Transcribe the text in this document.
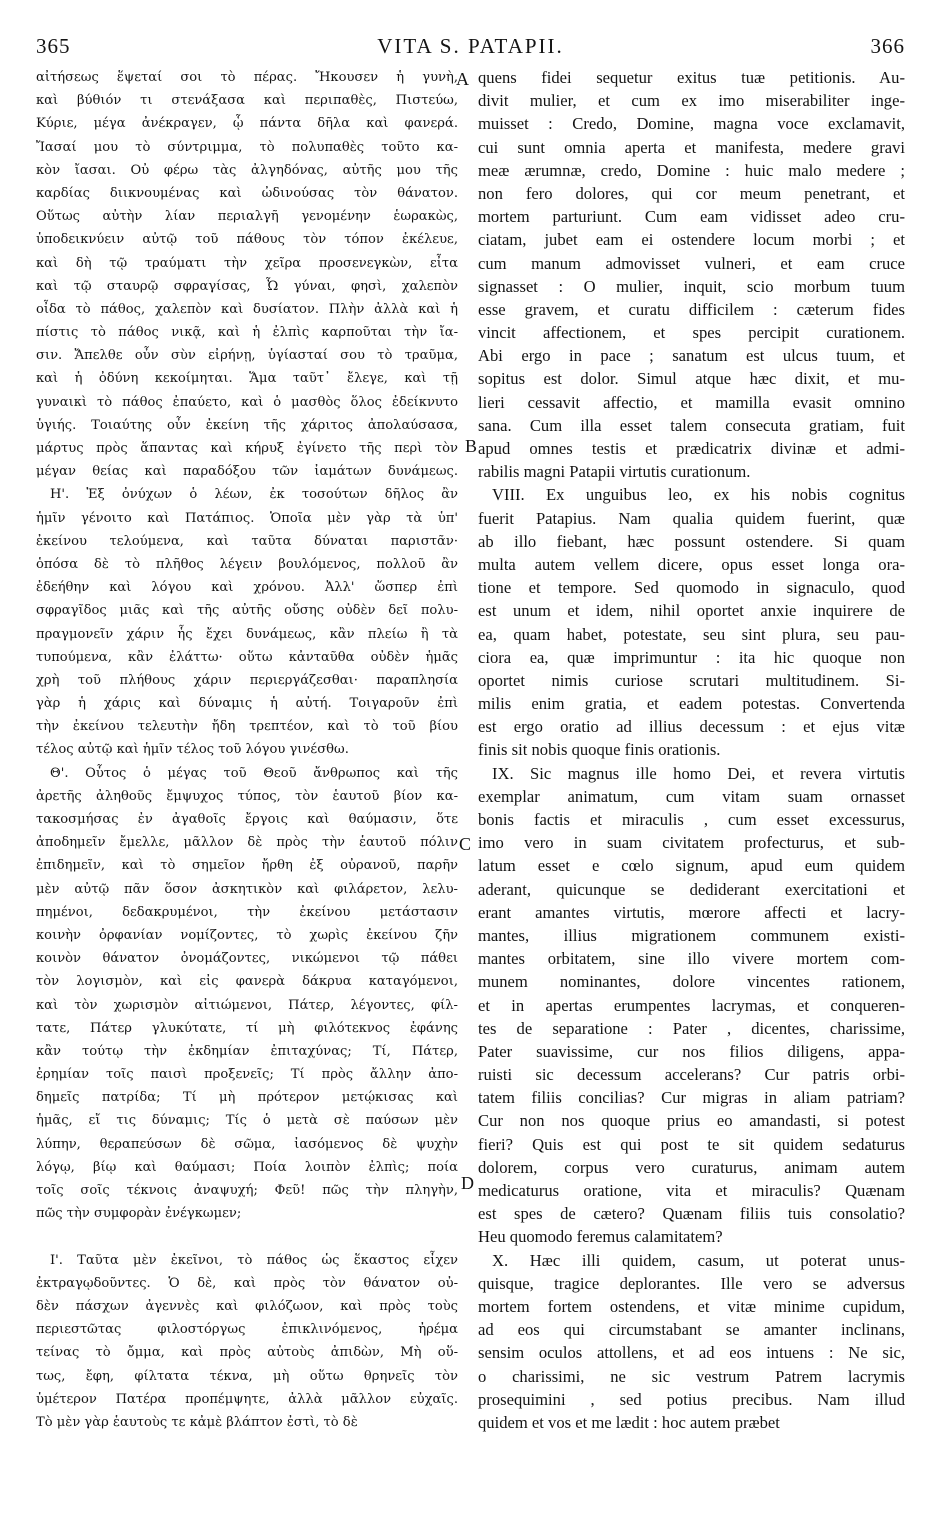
365	VITA S. PATAPII.	366
αἰτήσεως ἕψεταί σοι τὸ πέρας. Ἤκουσεν ἡ γυνὴ,
καὶ βύθιόν τι στενάξασα καὶ περιπαθὲς, Πιστεύω,
Κύριε, μέγα ἀνέκραγεν, ᾧ πάντα δῆλα καὶ φανερά.
Ἴασαί μου τὸ σύντριμμα, τὸ πολυπαθὲς τοῦτο κα-
κὸν ἴασαι. Οὐ φέρω τὰς ἀλγηδόνας, αὐτῆς μου τῆς
καρδίας διικνουμένας καὶ ὠδινούσας τὸν θάνατον.
Οὕτως αὐτὴν λίαν περιαλγῆ γενομένην ἑωρακὼς,
ὑποδεικνύειν αὐτῷ τοῦ πάθους τὸν τόπον ἐκέλευε,
καὶ δὴ τῷ τραύματι τὴν χεῖρα προσενεγκὼν, εἶτα
καὶ τῷ σταυρῷ σφραγίσας, Ὦ γύναι, φησὶ, χαλεπὸν
οἶδα τὸ πάθος, χαλεπὸν καὶ δυσίατον. Πλὴν ἀλλὰ καὶ ἡ
πίστις τὸ πάθος νικᾷ, καὶ ἡ ἐλπὶς καρποῦται τὴν ἴα-
σιν. Ἄπελθε οὖν σὺν εἰρήνῃ, ὑγίασταί σου τὸ τραῦμα,
καὶ ἡ ὀδύνη κεκοίμηται. Ἅμα ταῦτ᾽ ἔλεγε, καὶ τῇ
γυναικὶ τὸ πάθος ἐπαύετο, καὶ ὁ μασθὸς ὅλος ἐδείκνυτο
ὑγιής. Τοιαύτης οὖν ἐκείνη τῆς χάριτος ἀπολαύσασα,
μάρτυς πρὸς ἅπαντας καὶ κήρυξ ἐγίνετο τῆς περὶ τὸν
μέγαν θείας καὶ παραδόξου τῶν ἰαμάτων δυνάμεως.
Η'. Ἐξ ὀνύχων ὁ λέων, ἐκ τοσούτων δῆλος ἂν
ἡμῖν γένοιτο καὶ Πατάπιος. Ὁποῖα μὲν γὰρ τὰ ὑπ'
ἐκείνου τελούμενα, καὶ ταῦτα δύναται παριστᾶν·
ὁπόσα δὲ τὸ πλῆθος λέγειν βουλόμενος, πολλοῦ ἂν
ἐδεήθην καὶ λόγου καὶ χρόνου. Ἀλλ' ὥσπερ ἐπὶ
σφραγῖδος μιᾶς καὶ τῆς αὐτῆς οὔσης οὐδὲν δεῖ πολυ-
πραγμονεῖν χάριν ἧς ἔχει δυνάμεως, κἂν πλείω ἢ τὰ
τυπούμενα, κἂν ἐλάττω· οὕτω κἀνταῦθα οὐδὲν ἡμᾶς
χρὴ τοῦ πλήθους χάριν περιεργάζεσθαι· παραπλησία
γὰρ ἡ χάρις καὶ δύναμις ἡ αὐτή. Τοιγαροῦν ἐπὶ
τὴν ἐκείνου τελευτὴν ἤδη τρεπτέον, καὶ τὸ τοῦ βίου
τέλος αὐτῷ καὶ ἡμῖν τέλος τοῦ λόγου γινέσθω.
Θ'. Οὗτος ὁ μέγας τοῦ Θεοῦ ἄνθρωπος καὶ τῆς
ἀρετῆς ἀληθοῦς ἔμψυχος τύπος, τὸν ἑαυτοῦ βίον κα-
τακοσμήσας ἐν ἀγαθοῖς ἔργοις καὶ θαύμασιν, ὅτε
ἀποδημεῖν ἔμελλε, μᾶλλον δὲ πρὸς τὴν ἑαυτοῦ πόλιν
ἐπιδημεῖν, καὶ τὸ σημεῖον ἤρθη ἐξ οὐρανοῦ, παρῆν
μὲν αὐτῷ πᾶν ὅσον ἀσκητικὸν καὶ φιλάρετον, λελυ-
πημένοι, δεδακρυμένοι, τὴν ἐκείνου μετάστασιν
κοινὴν ὀρφανίαν νομίζοντες, τὸ χωρὶς ἐκείνου ζῆν
κοινὸν θάνατον ὀνομάζοντες, νικώμενοι τῷ πάθει
τὸν λογισμὸν, καὶ εἰς φανερὰ δάκρυα καταγόμενοι,
καὶ τὸν χωρισμὸν αἰτιώμενοι, Πάτερ, λέγοντες, φίλ-
τατε, Πάτερ γλυκύτατε, τί μὴ φιλότεκνος ἐφάνης
κἂν τούτῳ τὴν ἐκδημίαν ἐπιταχύνας; Τί, Πάτερ,
ἐρημίαν τοῖς παισὶ προξενεῖς; Τί πρὸς ἄλλην ἀπο-
δημεῖς πατρίδα; Τί μὴ πρότερον μετῴκισας καὶ
ἡμᾶς, εἴ τις δύναμις; Τίς ὁ μετὰ σὲ παύσων μὲν
λύπην, θεραπεύσων δὲ σῶμα, ἰασόμενος δὲ ψυχὴν
λόγῳ, βίῳ καὶ θαύμασι; Ποία λοιπὸν ἐλπὶς; ποία
τοῖς σοῖς τέκνοις ἀναψυχή; Φεῦ! πῶς τὴν πληγὴν,
πῶς τὴν συμφορὰν ἐνέγκωμεν;
Ι'. Ταῦτα μὲν ἐκεῖνοι, τὸ πάθος ὡς ἕκαστος εἶχεν
ἐκτραγῳδοῦντες. Ὁ δὲ, καὶ πρὸς τὸν θάνατον οὐ-
δὲν πάσχων ἀγεννὲς καὶ φιλόζωον, καὶ πρὸς τοὺς
περιεστῶτας φιλοστόργως ἐπικλινόμενος, ἠρέμα
τείνας τὸ ὄμμα, καὶ πρὸς αὐτοὺς ἀπιδὼν, Μὴ οὕ-
τως, ἔφη, φίλτατα τέκνα, μὴ οὕτω θρηνεῖς τὸν
ὑμέτερον Πατέρα προπέμψητε, ἀλλὰ μᾶλλον εὐχαῖς.
Τὸ μὲν γὰρ ἑαυτοὺς τε κἀμὲ βλάπτον ἐστὶ, τὸ δὲ
quens fidei sequetur exitus tuæ petitionis. Au-
divit mulier, et cum ex imo miserabiliter inge-
muisset : Credo, Domine, magna voce exclamavit,
cui sunt omnia aperta et manifesta, medere gravi
meæ ærumnæ, credo, Domine : huic malo medere ;
non fero dolores, qui cor meum penetrant, et
mortem parturiunt. Cum eam vidisset adeo cru-
ciatam, jubet eam ei ostendere locum morbi ; et
cum manum admovisset vulneri, et eam cruce
signasset : O mulier, inquit, scio morbum tuum
esse gravem, et curatu difficilem : cæterum fides
vincit affectionem, et spes percipit curationem.
Abi ergo in pace ; sanatum est ulcus tuum, et
sopitus est dolor. Simul atque hæc dixit, et mu-
lieri cessavit affectio, et mamilla evasit omnino
sana. Cum illa esset talem consecuta gratiam, fuit
apud omnes testis et prædicatrix divinæ et admi-
rabilis magni Patapii virtutis curationum.
VIII. Ex unguibus leo, ex his nobis cognitus
fuerit Patapius. Nam qualia quidem fuerint, quæ
ab illo fiebant, hæc possunt ostendere. Si quam
multa autem vellem dicere, opus esset longa ora-
tione et tempore. Sed quomodo in signaculo, quod
est unum et idem, nihil oportet anxie inquirere de
ea, quam habet, potestate, seu sint plura, seu pau-
ciora ea, quæ imprimuntur : ita hic quoque non
oportet nimis curiose scrutari multitudinem. Si-
milis enim gratia, et eadem potestas. Convertenda
est ergo oratio ad illius decessum : et ejus vitæ
finis sit nobis quoque finis orationis.
IX. Sic magnus ille homo Dei, et revera virtutis
exemplar animatum, cum vitam suam ornasset
bonis factis et miraculis , cum esset excessurus,
imo vero in suam civitatem profecturus, et sub-
latum esset e cœlo signum, apud eum quidem
aderant, quicunque se dediderant exercitationi et
erant amantes virtutis, mœrore affecti et lacry-
mantes, illius migrationem communem existi-
mantes orbitatem, sine illo vivere mortem com-
munem nominantes, dolore vincentes rationem,
et in apertas erumpentes lacrymas, et conqueren-
tes de separatione : Pater , dicentes, charissime,
Pater suavissime, cur nos filios diligens, appa-
ruisti sic decessum accelerans? Cur patris orbi-
tatem filiis concilias? Cur migras in aliam patriam?
Cur non nos quoque prius eo amandasti, si potest
fieri? Quis est qui post te sit quidem sedaturus
dolorem, corpus vero curaturus, animam autem
medicaturus oratione, vita et miraculis? Quænam
est spes de cætero? Quænam filiis tuis consolatio?
Heu quomodo feremus calamitatem?
X. Hæc illi quidem, casum, ut poterat unus-
quisque, tragice deplorantes. Ille vero se adversus
mortem fortem ostendens, et vitæ minime cupidum,
ad eos qui circumstabant se amanter inclinans,
sensim oculos attollens, et ad eos intuens : Ne sic,
o charissimi, ne sic vestrum Patrem lacrymis
prosequimini , sed potius precibus. Nam illud
quidem et vos et me lædit : hoc autem præbet
A
B
C
D
